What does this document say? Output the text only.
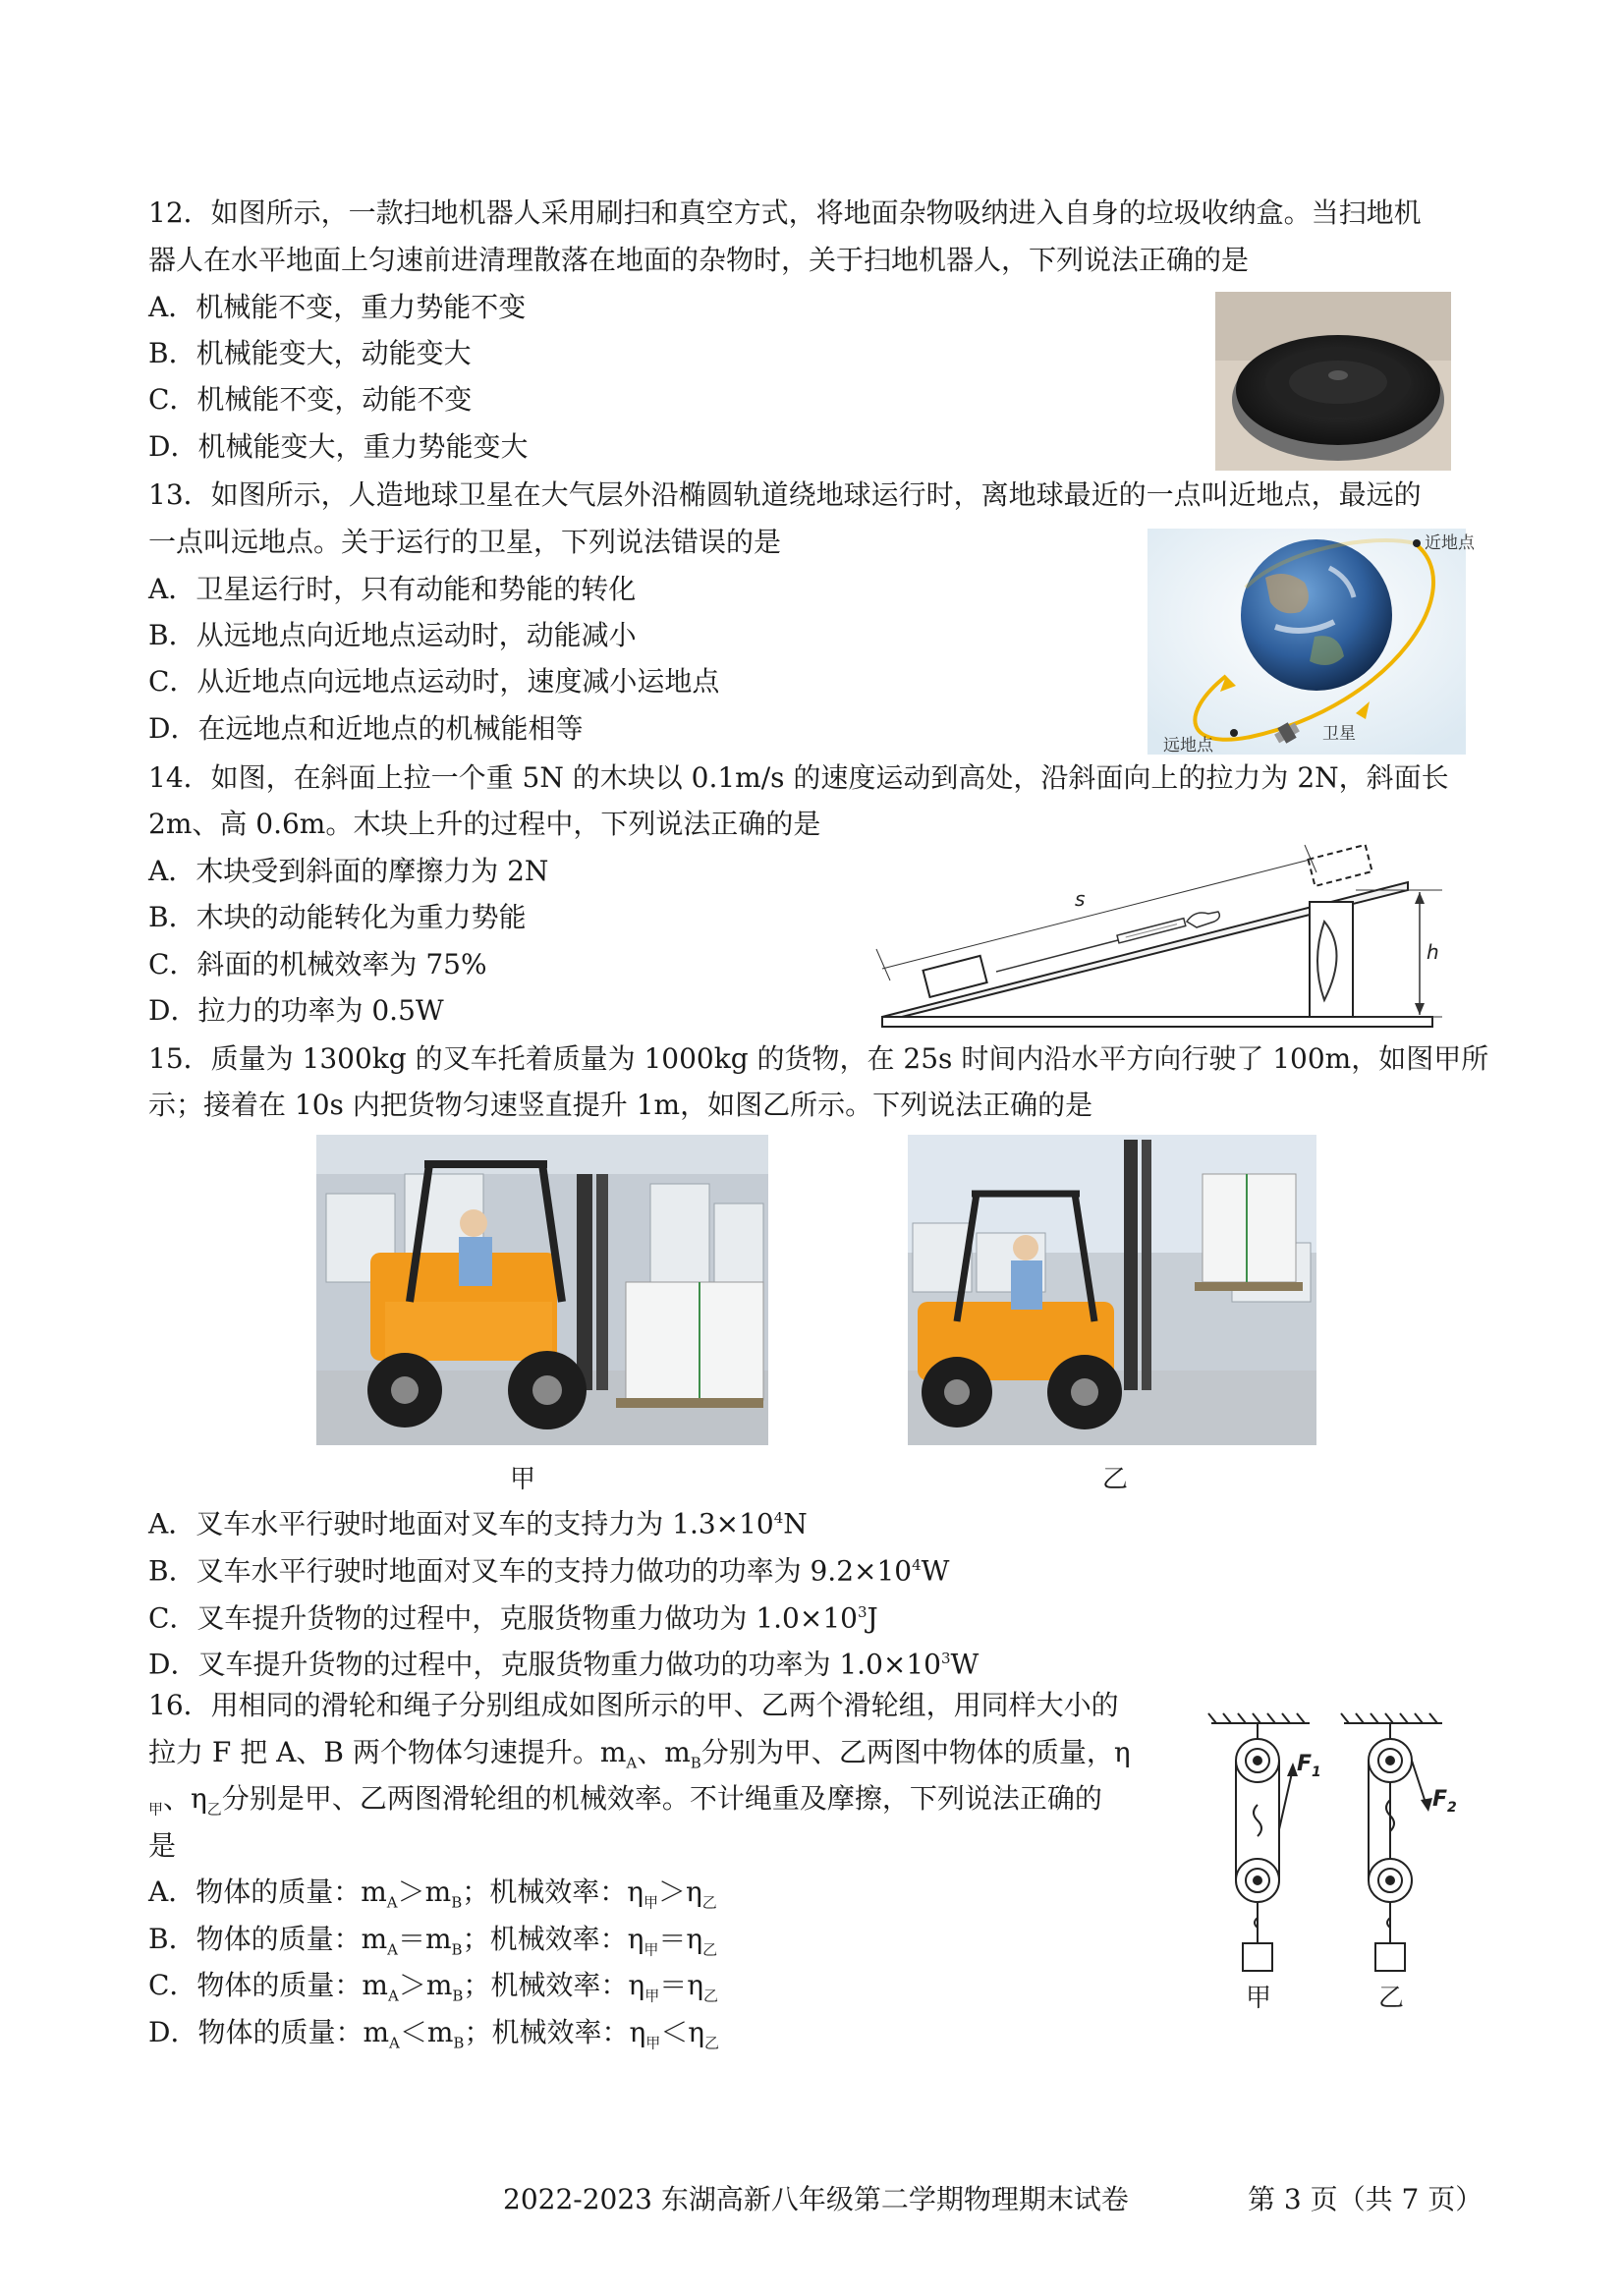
12．如图所示，一款扫地机器人采用刷扫和真空方式，将地面杂物吸纳进入自身的垃圾收纳盒。当扫地机
器人在水平地面上匀速前进清理散落在地面的杂物时，关于扫地机器人，下列说法正确的是
A．机械能不变，重力势能不变
B．机械能变大，动能变大
C．机械能不变，动能不变
D．机械能变大，重力势能变大
13．如图所示，人造地球卫星在大气层外沿椭圆轨道绕地球运行时，离地球最近的一点叫近地点，最远的
一点叫远地点。关于运行的卫星，下列说法错误的是
A．卫星运行时，只有动能和势能的转化
B．从远地点向近地点运动时，动能减小
C．从近地点向远地点运动时，速度减小运地点
D．在远地点和近地点的机械能相等
近地点
远地点
卫星
14．如图，在斜面上拉一个重 5N 的木块以 0.1m/s 的速度运动到高处，沿斜面向上的拉力为 2N，斜面长
2m、高 0.6m。木块上升的过程中，下列说法正确的是
A．木块受到斜面的摩擦力为 2N
B．木块的动能转化为重力势能
C．斜面的机械效率为 75%
D．拉力的功率为 0.5W
s
h
15．质量为 1300kg 的叉车托着质量为 1000kg 的货物，在 25s 时间内沿水平方向行驶了 100m，如图甲所
示；接着在 10s 内把货物匀速竖直提升 1m，如图乙所示。下列说法正确的是
甲	乙
A．叉车水平行驶时地面对叉车的支持力为 $1.3\times 10^4N$
B．叉车水平行驶时地面对叉车的支持力做功的功率为 $9.2\times 10^4W$
C．叉车提升货物的过程中，克服货物重力做功为 $1.0\times 10^3J$
D．叉车提升货物的过程中，克服货物重力做功的功率为 $1.0\times 10^3W$
16．用相同的滑轮和绳子分别组成如图所示的甲、乙两个滑轮组，用同样大小的
拉力 F 把 A、B 两个物体匀速提升。$m_A$、$m_B$分别为甲、乙两图中物体的质量，η
$_甲$、$\eta_乙$分别是甲、乙两图滑轮组的机械效率。不计绳重及摩擦，下列说法正确的
是
A．物体的质量：$m_A>m_B$；机械效率：$\eta_甲>\eta_乙$
B．物体的质量：$m_A=m_B$；机械效率：$\eta_甲=\eta_乙$
C．物体的质量：$m_A>m_B$；机械效率：$\eta_甲=\eta_乙$
D．物体的质量：$m_A<m_B$；机械效率：$\eta_甲<\eta_乙$
$F_1$
甲
$F_2$
乙
2022-2023 东湖高新八年级第二学期物理期末试卷	第 3 页（共 7 页）
